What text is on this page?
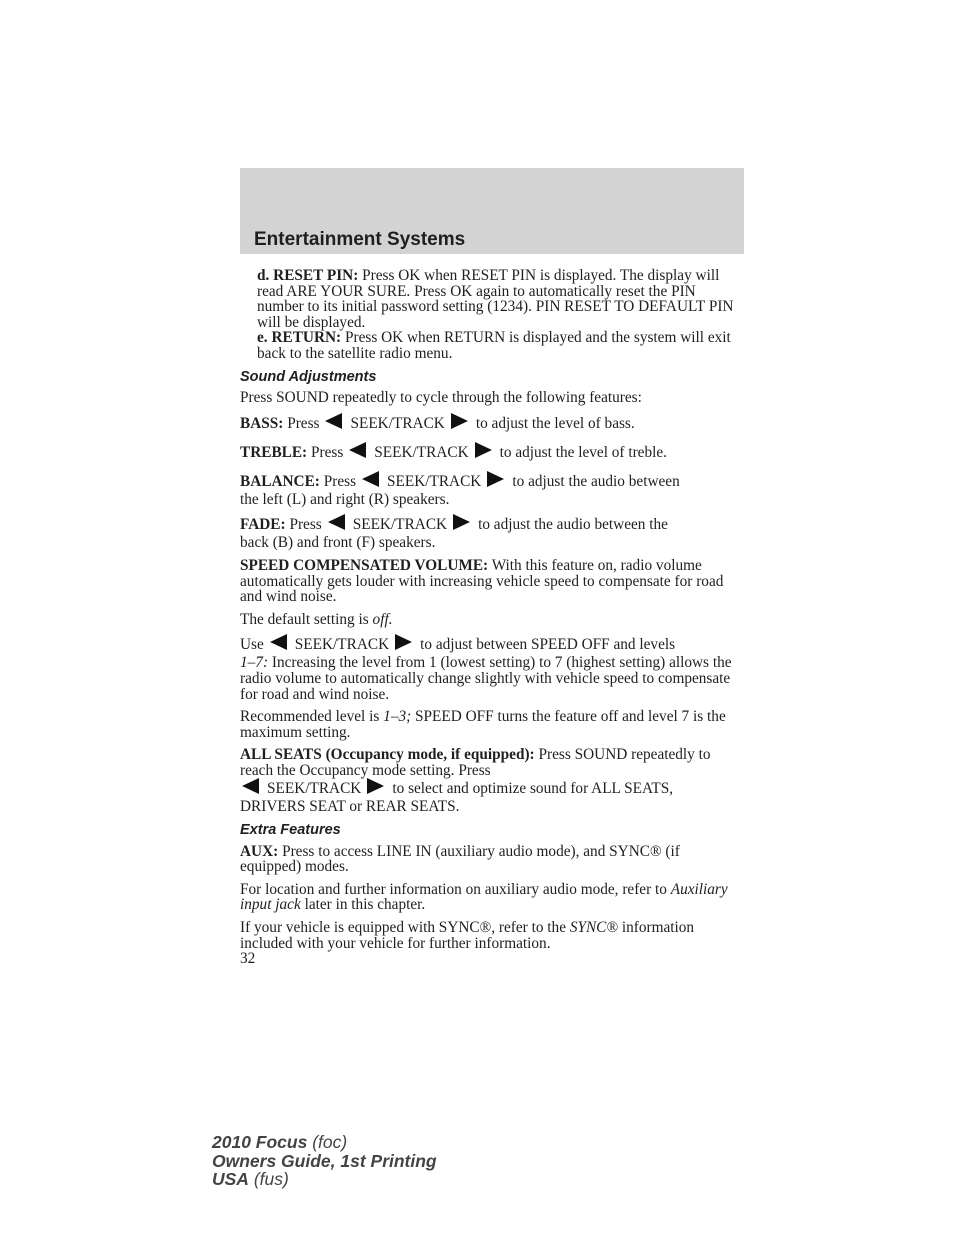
Entertainment Systems

d. RESET PIN: Press OK when RESET PIN is displayed. The display will read ARE YOUR SURE. Press OK again to automatically reset the PIN number to its initial password setting (1234). PIN RESET TO DEFAULT PIN will be displayed.

e. RETURN: Press OK when RETURN is displayed and the system will exit back to the satellite radio menu.

Sound Adjustments

Press SOUND repeatedly to cycle through the following features:

BASS: Press SEEK/TRACK to adjust the level of bass.

TREBLE: Press SEEK/TRACK to adjust the level of treble.

BALANCE: Press SEEK/TRACK to adjust the audio between
the left (L) and right (R) speakers.

FADE: Press SEEK/TRACK to adjust the audio between the
back (B) and front (F) speakers.

SPEED COMPENSATED VOLUME: With this feature on, radio volume automatically gets louder with increasing vehicle speed to compensate for road and wind noise.

The default setting is off.

Use SEEK/TRACK to adjust between SPEED OFF and levels
1–7: Increasing the level from 1 (lowest setting) to 7 (highest setting) allows the radio volume to automatically change slightly with vehicle speed to compensate for road and wind noise.

Recommended level is 1–3; SPEED OFF turns the feature off and level 7 is the maximum setting.

ALL SEATS (Occupancy mode, if equipped): Press SOUND repeatedly to reach the Occupancy mode setting. Press
SEEK/TRACK to select and optimize sound for ALL SEATS,
DRIVERS SEAT or REAR SEATS.

Extra Features

AUX: Press to access LINE IN (auxiliary audio mode), and SYNC® (if equipped) modes.

For location and further information on auxiliary audio mode, refer to Auxiliary input jack later in this chapter.

If your vehicle is equipped with SYNC®, refer to the SYNC® information included with your vehicle for further information.

32
2010 Focus (foc)
Owners Guide, 1st Printing
USA (fus)
